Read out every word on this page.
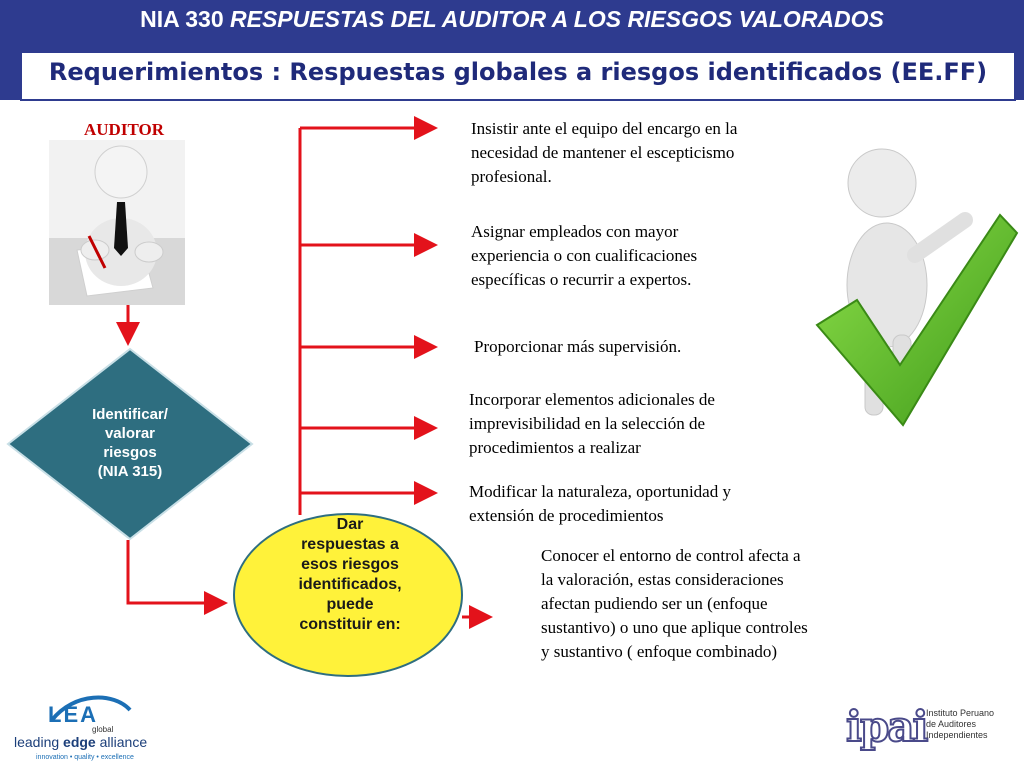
NIA 330 RESPUESTAS DEL AUDITOR A LOS RIESGOS VALORADOS
Requerimientos : Respuestas globales a riesgos identificados (EE.FF)
AUDITOR
Identificar/
valorar
riesgos
(NIA 315)
Dar
respuestas a
esos riesgos
identificados,
puede
constituir en:
Insistir ante el equipo del encargo en la
necesidad de mantener el escepticismo
profesional.
Asignar empleados con mayor
experiencia o con cualificaciones
específicas o recurrir a expertos.
Proporcionar más supervisión.
Incorporar elementos adicionales de
imprevisibilidad en la selección de
procedimientos a realizar
Modificar la naturaleza, oportunidad y
extensión de procedimientos
Conocer el entorno de control afecta a
la valoración, estas consideraciones
afectan pudiendo ser un (enfoque
sustantivo) o uno que aplique controles
y sustantivo ( enfoque combinado)
LEA
global
leading edge alliance
innovation • quality • excellence
ipai Instituto Peruano
de Auditores
Independientes
